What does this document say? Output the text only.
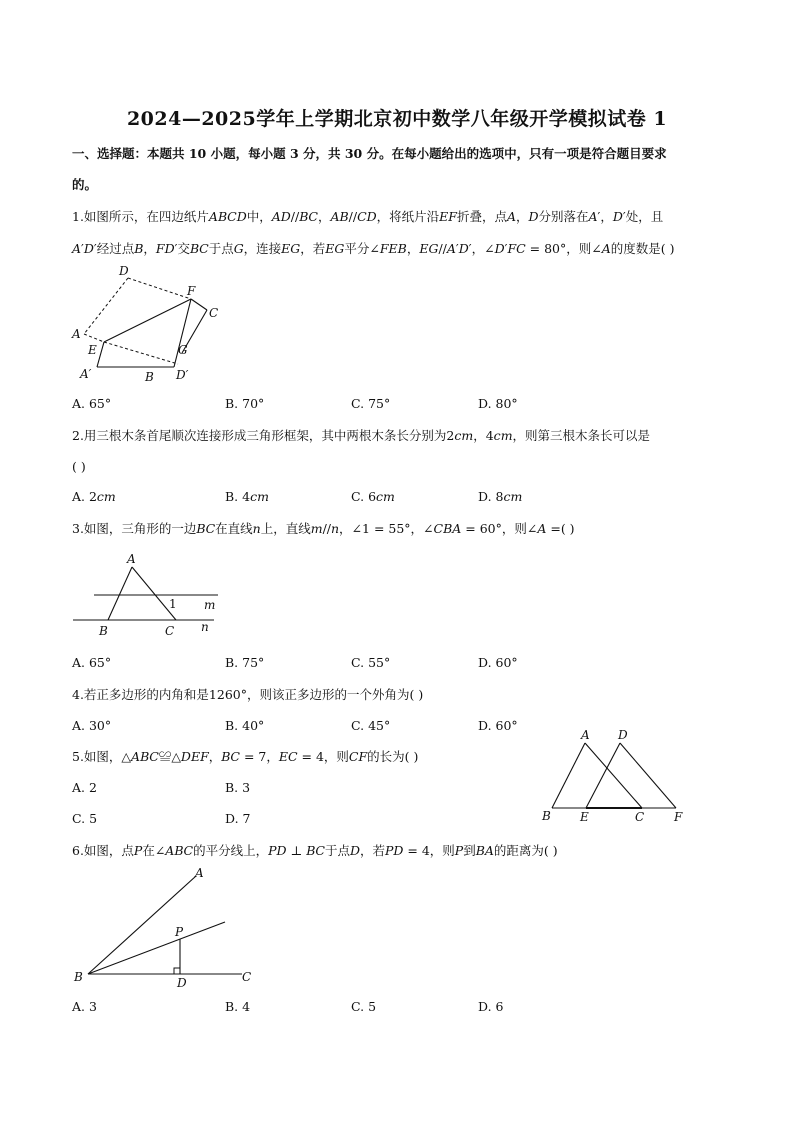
2024—2025学年上学期北京初中数学八年级开学模拟试卷 1
一、选择题：本题共 10 小题，每小题 3 分，共 30 分。在每小题给出的选项中，只有一项是符合题目要求
的。
1.如图所示，在四边纸片𝐴𝐵𝐶𝐷中，𝐴𝐷//𝐵𝐶，𝐴𝐵//𝐶𝐷，将纸片沿𝐸𝐹折叠，点𝐴，𝐷分别落在𝐴′，𝐷′处，且
𝐴′𝐷′经过点𝐵，𝐹𝐷′交𝐵𝐶于点𝐺，连接𝐸𝐺，若𝐸𝐺平分∠𝐹𝐸𝐵，𝐸𝐺//𝐴′𝐷′，∠𝐷′𝐹𝐶 = 80°，则∠𝐴的度数是( )
D
F
C
A
E	G
A′	B D′
A. 65°	B. 70°	C. 75°	D. 80°
2.用三根木条首尾顺次连接形成三角形框架，其中两根木条长分别为2𝑐𝑚，4𝑐𝑚，则第三根木条长可以是
( )
A. 2𝑐𝑚	B. 4𝑐𝑚	C. 6𝑐𝑚	D. 8𝑐𝑚
3.如图，三角形的一边𝐵𝐶在直线𝑛上，直线𝑚//𝑛，∠1 = 55°，∠𝐶𝐵𝐴 = 60°，则∠𝐴 =( )
A
1 m
B	C n
A. 65°	B. 75°	C. 55°	D. 60°
4.若正多边形的内角和是1260°，则该正多边形的一个外角为( )
A. 30°	B. 40°	C. 45°	D. 60°
5.如图，△𝐴𝐵𝐶≌△𝐷𝐸𝐹，𝐵𝐶 = 7，𝐸𝐶 = 4，则𝐶𝐹的长为( )
A. 2	B. 3
C. 5	D. 7
A D
B E	C F
6.如图，点𝑃在∠𝐴𝐵𝐶的平分线上，𝑃𝐷 ⊥ 𝐵𝐶于点𝐷，若𝑃𝐷 = 4，则𝑃到𝐵𝐴的距离为( )
A
P
B	D	C
A. 3	B. 4	C. 5	D. 6
